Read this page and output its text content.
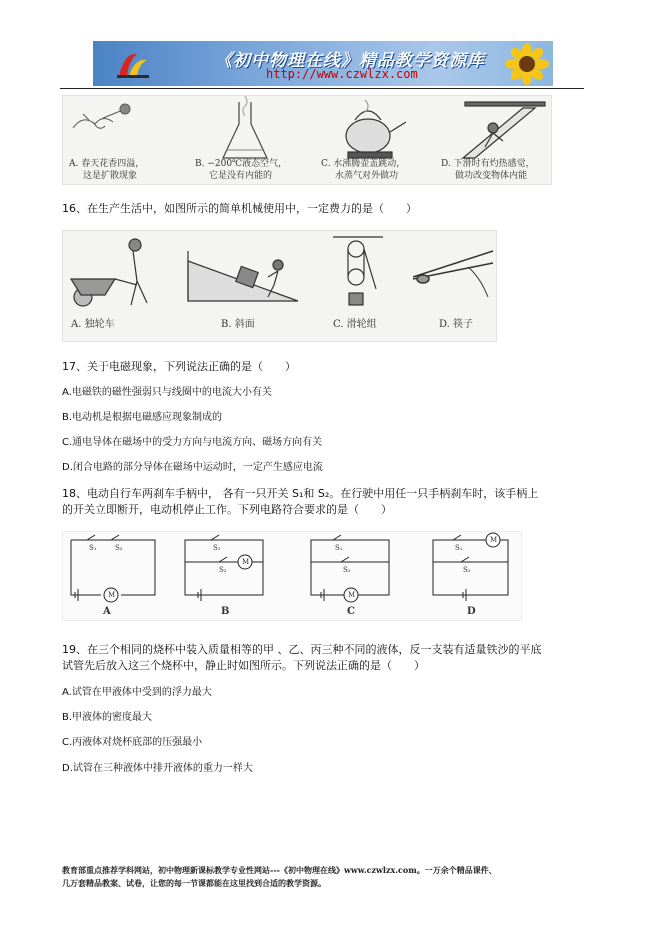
《初中物理在线》精品教学资源库
http://www.czwlzx.com
A. 春天花香四溢，
这是扩散现象
B. −200℃液态空气，
它是没有内能的
C. 水沸腾壶盖跳动，
水蒸气对外做功
D. 下滑时有灼热感觉，
做功改变物体内能
16、在生产生活中，如图所示的简单机械使用中，一定费力的是（　　）
A. 独轮车	B. 斜面	C. 滑轮组	D. 筷子
17、关于电磁现象，下列说法正确的是（　　）
A.电磁铁的磁性强弱只与线圈中的电流大小有关
B.电动机是根据电磁感应现象制成的
C.通电导体在磁场中的受力方向与电流方向、磁场方向有关
D.闭合电路的部分导体在磁场中运动时，一定产生感应电流
18、电动自行车两刹车手柄中， 各有一只开关 S₁和 S₂。在行驶中用任一只手柄刹车时，该手柄上
的开关立即断开，电动机停止工作。下列电路符合要求的是（　　）
S₁	S₂
M
S₁
S₂
M
S₁
S₂
M
S₁
S₂
M
A	B	C	D
19、在三个相同的烧杯中装入质量相等的甲 、乙、丙三种不同的液体，反一支装有适量铁沙的平底
试管先后放入这三个烧杯中，静止时如图所示。下列说法正确的是（　　）
A.试管在甲液体中受到的浮力最大
B.甲液体的密度最大
C.丙液体对烧杯底部的压强最小
D.试管在三种液体中排开液体的重力一样大
教育部重点推荐学科网站，初中物理新课标教学专业性网站---《初中物理在线》www.czwlzx.com。一万余个精品课件、
几万套精品教案、试卷，让您的每一节课都能在这里找到合适的教学资源。
